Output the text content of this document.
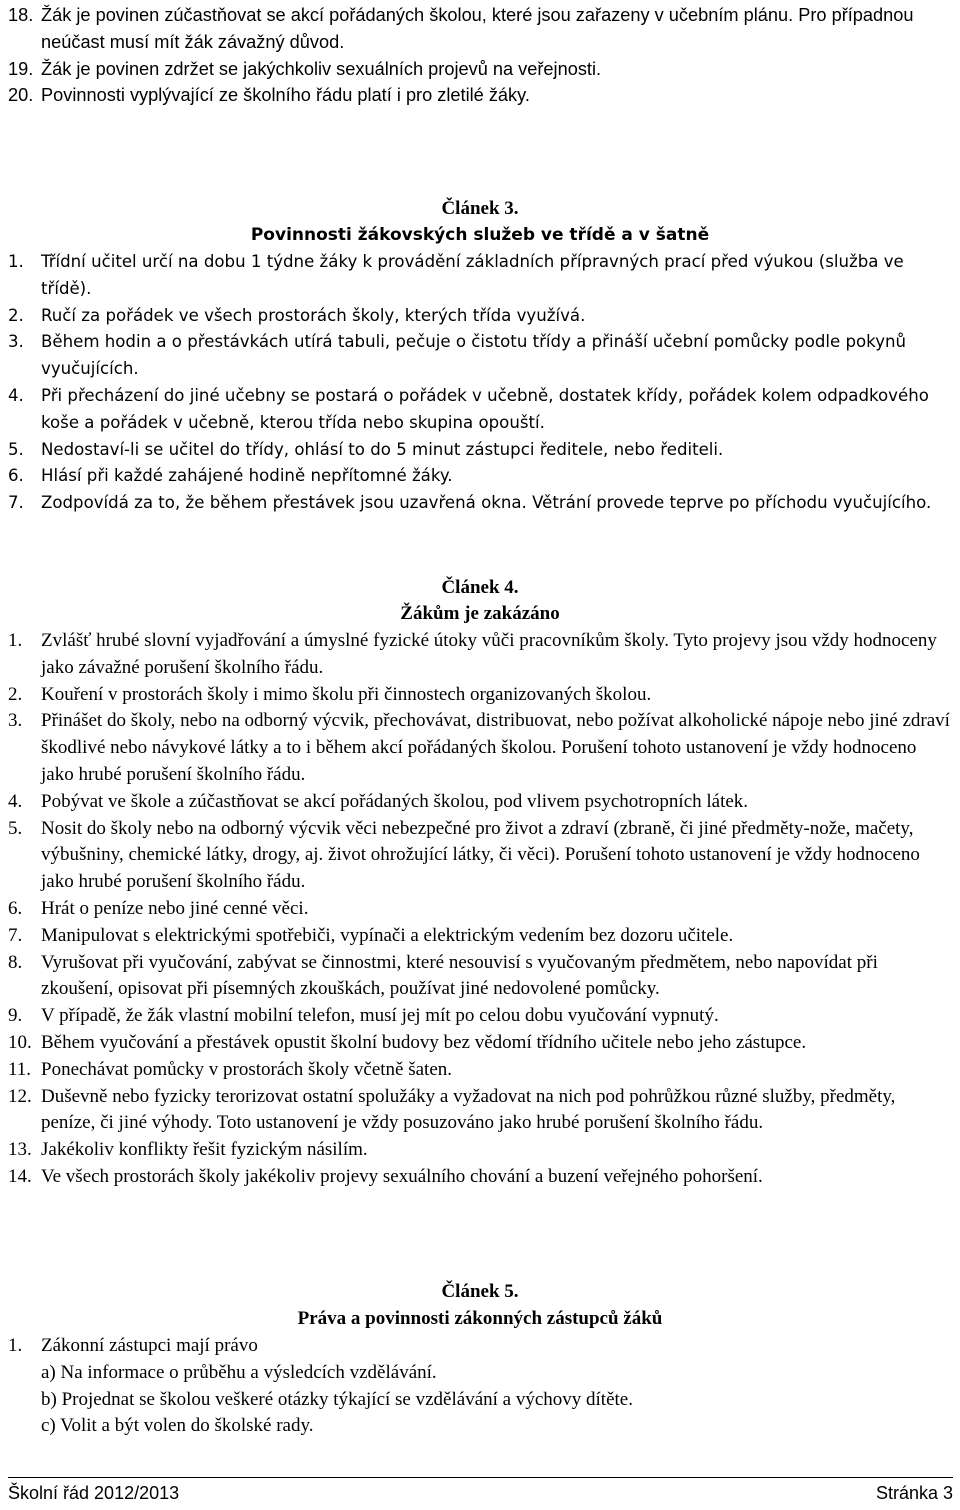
18. Žák je povinen zúčastňovat se akcí pořádaných školou, které jsou zařazeny v učebním plánu. Pro případnou neúčast musí mít žák závažný důvod.
19. Žák je povinen zdržet se jakýchkoliv sexuálních projevů na veřejnosti.
20. Povinnosti vyplývající ze školního řádu platí i pro zletilé žáky.
Článek 3.
Povinnosti žákovských služeb ve třídě a v šatně
1.	Třídní učitel určí na dobu 1 týdne žáky k provádění základních přípravných prací před výukou (služba ve třídě).
2.	Ručí za pořádek ve všech prostorách školy, kterých třída využívá.
3.	Během hodin a o přestávkách utírá tabuli, pečuje o čistotu třídy a přináší učební pomůcky podle pokynů vyučujících.
4.	Při přecházení do jiné učebny se postará o pořádek v učebně, dostatek křídy, pořádek kolem odpadkového koše a pořádek v učebně, kterou třída nebo skupina opouští.
5.	Nedostaví-li se učitel do třídy, ohlásí to do 5 minut zástupci ředitele, nebo řediteli.
6.	Hlásí při každé zahájené hodině nepřítomné žáky.
7.	Zodpovídá za to, že během přestávek jsou uzavřená okna. Větrání provede teprve po příchodu vyučujícího.
Článek 4.
Žákům je zakázáno
1. Zvlášť hrubé slovní vyjadřování a úmyslné fyzické útoky vůči pracovníkům školy. Tyto projevy jsou vždy hodnoceny jako závažné porušení školního řádu.
2. Kouření v prostorách školy i mimo školu při činnostech organizovaných školou.
3. Přinášet do školy, nebo na odborný výcvik, přechovávat, distribuovat, nebo požívat alkoholické nápoje nebo jiné zdraví škodlivé nebo návykové látky a to i během akcí pořádaných školou. Porušení tohoto ustanovení je vždy hodnoceno jako hrubé porušení školního řádu.
4. Pobývat ve škole a zúčastňovat se akcí pořádaných školou, pod vlivem psychotropních látek.
5. Nosit do školy nebo na odborný výcvik věci nebezpečné pro život a zdraví (zbraně, či jiné předměty-nože, mačety, výbušniny, chemické látky, drogy, aj. život ohrožující látky, či věci). Porušení tohoto ustanovení je vždy hodnoceno jako hrubé porušení školního řádu.
6. Hrát o peníze nebo jiné cenné věci.
7. Manipulovat s elektrickými spotřebiči, vypínači a elektrickým vedením bez dozoru učitele.
8. Vyrušovat při vyučování, zabývat se činnostmi, které nesouvisí s vyučovaným předmětem, nebo napovídat při zkoušení, opisovat při písemných zkouškách, používat jiné nedovolené pomůcky.
9. V případě, že žák vlastní mobilní telefon, musí jej mít po celou dobu vyučování vypnutý.
10. Během vyučování a přestávek opustit školní budovy bez vědomí třídního učitele nebo jeho zástupce.
11. Ponechávat pomůcky v prostorách školy včetně šaten.
12. Duševně nebo fyzicky terorizovat ostatní spolužáky a vyžadovat na nich pod pohrůžkou různé služby, předměty, peníze, či jiné výhody. Toto ustanovení je vždy posuzováno jako hrubé porušení školního řádu.
13. Jakékoliv konflikty řešit fyzickým násilím.
14. Ve všech prostorách školy jakékoliv projevy sexuálního chování a buzení veřejného pohoršení.
Článek 5.
Práva a povinnosti zákonných zástupců žáků
1. Zákonní zástupci mají právo
a) Na informace o průběhu a výsledcích vzdělávání.
b) Projednat se školou veškeré otázky týkající se vzdělávání a výchovy dítěte.
c) Volit a být volen do školské rady.
Školní řád 2012/2013	Stránka 3
